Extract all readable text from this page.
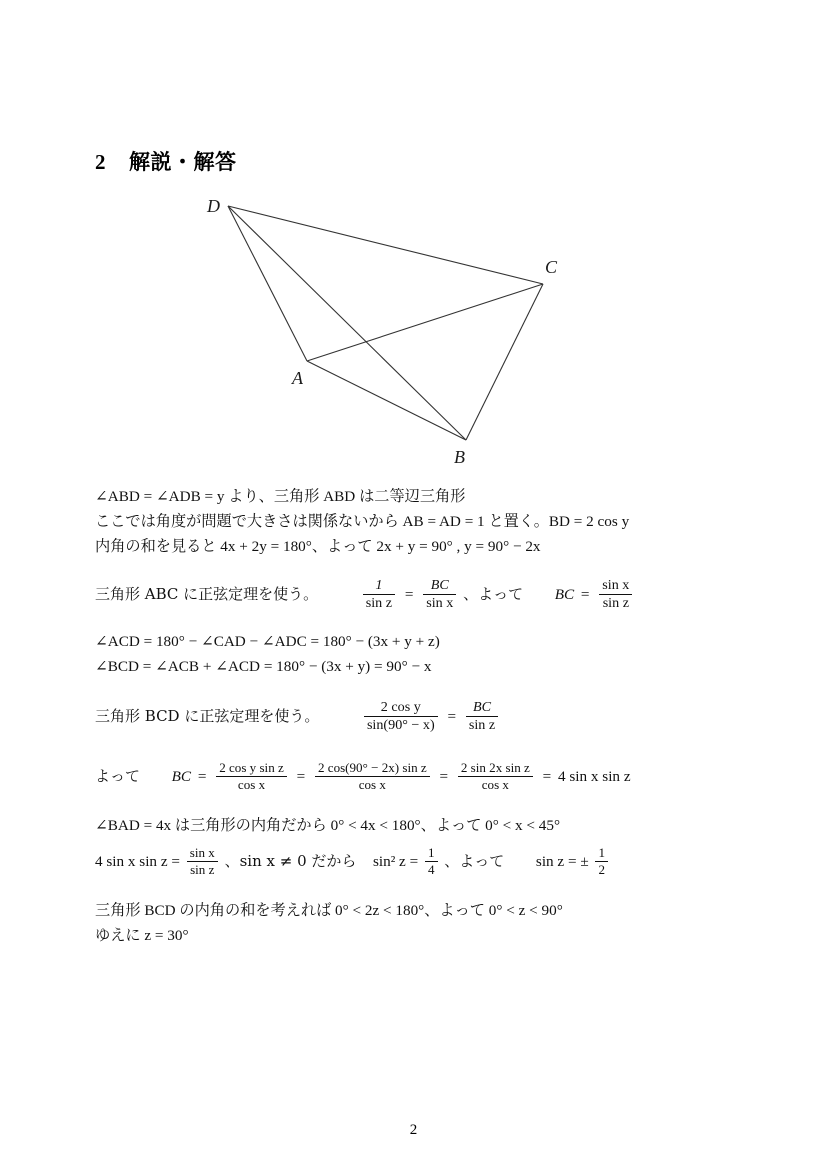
2    解説・解答
D
C
A
B
∠ABD = ∠ADB = y より、三角形 ABD は二等辺三角形
ここでは角度が問題で大きさは関係ないから AB = AD = 1 と置く。BD = 2 cos y
内角の和を見ると 4x + 2y = 180°、よって 2x + y = 90° , y = 90° − 2x
三角形 ABC に正弦定理を使う。	$\frac{1}{\text{sin z}} = \frac{BC}{\text{sin x}}$ 、よって BC = $\frac{\text{sin x}}{\text{sin z}}$
∠ACD = 180° − ∠CAD − ∠ADC = 180° − (3x + y + z)
∠BCD = ∠ACB + ∠ACD = 180° − (3x + y) = 90° − x
三角形 BCD に正弦定理を使う。	$\frac{\text{2 cos y}}{\sin(90^\circ - x)} = \frac{BC}{\text{sin z}}$
よって BC = $\frac{\text{2 cos y sin z}}{\text{cos x}} = \frac{\text{2 cos(90° − 2x) sin z}}{\text{cos x}} = \frac{\text{2 sin 2x sin z}}{\text{cos x}} = 4$ sin x sin z
∠BAD = 4x は三角形の内角だから 0° < 4x < 180°、よって 0° < x < 45°
4 sin x $\sin z = \frac{\text{sin x}}{\text{sin z}}$ 、sin x ≠ 0 だから sin² $z = \frac{1}{4}$ 、よって sin z = ± $\frac{1}{2}$
三角形 BCD の内角の和を考えれば 0° < 2z < 180°、よって 0° < z < 90°
ゆえに z = 30°
2
